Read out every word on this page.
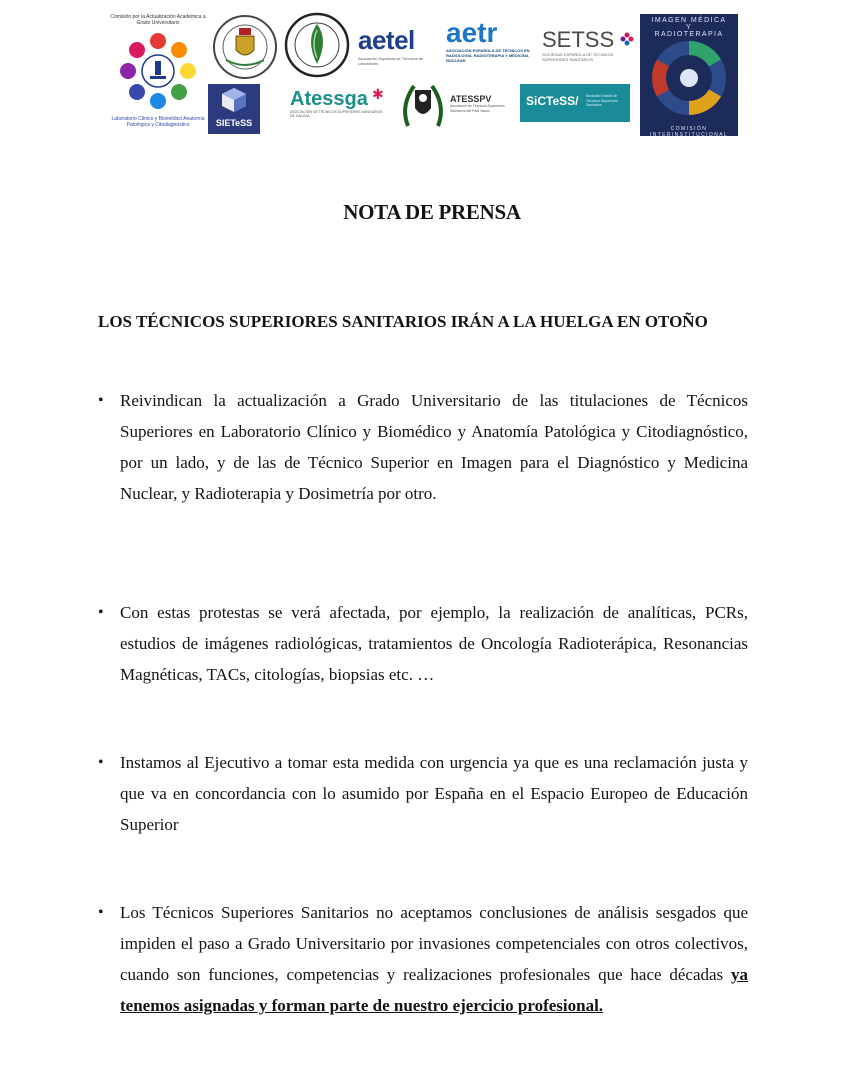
Comisión por la Actualización Académica a Grado Universitario
Laboratorio Clínico y Biomédico Anatomía Patológica y Citodiagnóstico
aetel
Asociación Española de Técnicos de Laboratorio
aetr
ASOCIACIÓN ESPAÑOLA DE TÉCNICOS EN RADIOLOGÍA, RADIOTERAPIA Y MEDICINA NUCLEAR
SETSS
SOCIEDAD ESPAÑOLA DE TÉCNICOS SUPERIORES SANITARIOS
IMAGEN MÉDICA
Y
RADIOTERAPIA
COMISIÓN INTERINSTITUCIONAL
SIETeSS
Atessga ✱
ASOCIACIÓN DE TÉCNICOS SUPERIORES SANITARIOS DE GALICIA
ATESSPV
Asociación de Técnicos Superiores Sanitarios del País Vasco
SiCTeSS/ Sindicato Estatal de Técnicos Superiores Sanitarios
NOTA DE PRENSA
LOS TÉCNICOS SUPERIORES SANITARIOS IRÁN A LA HUELGA EN OTOÑO
• Reivindican la actualización a Grado Universitario de las titulaciones de Técnicos Superiores en Laboratorio Clínico y Biomédico y Anatomía Patológica y Citodiagnóstico, por un lado, y de las de Técnico Superior en Imagen para el Diagnóstico y Medicina Nuclear, y Radioterapia y Dosimetría por otro.
• Con estas protestas se verá afectada, por ejemplo, la realización de analíticas, PCRs, estudios de imágenes radiológicas, tratamientos de Oncología Radioterápica, Resonancias Magnéticas, TACs, citologías, biopsias etc. …
• Instamos al Ejecutivo a tomar esta medida con urgencia ya que es una reclamación justa y que va en concordancia con lo asumido por España en el Espacio Europeo de Educación Superior
• Los Técnicos Superiores Sanitarios no aceptamos conclusiones de análisis sesgados que impiden el paso a Grado Universitario por invasiones competenciales con otros colectivos, cuando son funciones, competencias y realizaciones profesionales que hace décadas ya tenemos asignadas y forman parte de nuestro ejercicio profesional.
